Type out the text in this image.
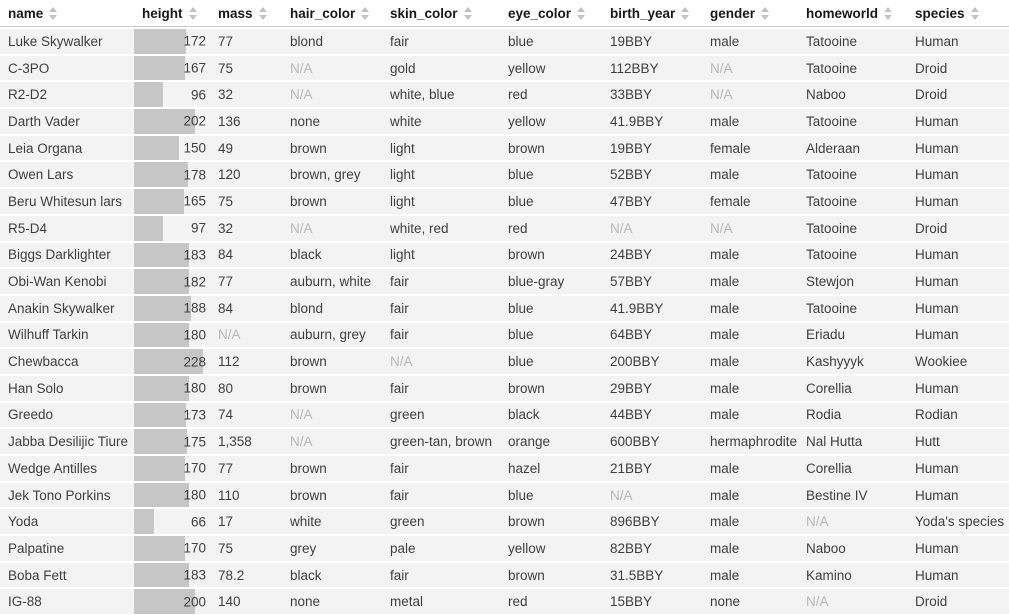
name	height	mass	hair_color	skin_color	eye_color	birth_year	gender	homeworld	species

Luke Skywalker	172	77	blond	fair	blue	19BBY	male	Tatooine	Human
C-3PO	167	75	N/A	gold	yellow	112BBY	N/A	Tatooine	Droid
R2-D2	96	32	N/A	white, blue	red	33BBY	N/A	Naboo	Droid
Darth Vader	202	136	none	white	yellow	41.9BBY	male	Tatooine	Human
Leia Organa	150	49	brown	light	brown	19BBY	female	Alderaan	Human
Owen Lars	178	120	brown, grey	light	blue	52BBY	male	Tatooine	Human
Beru Whitesun lars	165	75	brown	light	blue	47BBY	female	Tatooine	Human
R5-D4	97	32	N/A	white, red	red	N/A	N/A	Tatooine	Droid
Biggs Darklighter	183	84	black	light	brown	24BBY	male	Tatooine	Human
Obi-Wan Kenobi	182	77	auburn, white	fair	blue-gray	57BBY	male	Stewjon	Human
Anakin Skywalker	188	84	blond	fair	blue	41.9BBY	male	Tatooine	Human
Wilhuff Tarkin	180	N/A	auburn, grey	fair	blue	64BBY	male	Eriadu	Human
Chewbacca	228	112	brown	N/A	blue	200BBY	male	Kashyyyk	Wookiee
Han Solo	180	80	brown	fair	brown	29BBY	male	Corellia	Human
Greedo	173	74	N/A	green	black	44BBY	male	Rodia	Rodian
Jabba Desilijic Tiure	175	1,358	N/A	green-tan, brown	orange	600BBY	hermaphrodite	Nal Hutta	Hutt
Wedge Antilles	170	77	brown	fair	hazel	21BBY	male	Corellia	Human
Jek Tono Porkins	180	110	brown	fair	blue	N/A	male	Bestine IV	Human
Yoda	66	17	white	green	brown	896BBY	male	N/A	Yoda's species
Palpatine	170	75	grey	pale	yellow	82BBY	male	Naboo	Human
Boba Fett	183	78.2	black	fair	brown	31.5BBY	male	Kamino	Human
IG-88	200	140	none	metal	red	15BBY	none	N/A	Droid
